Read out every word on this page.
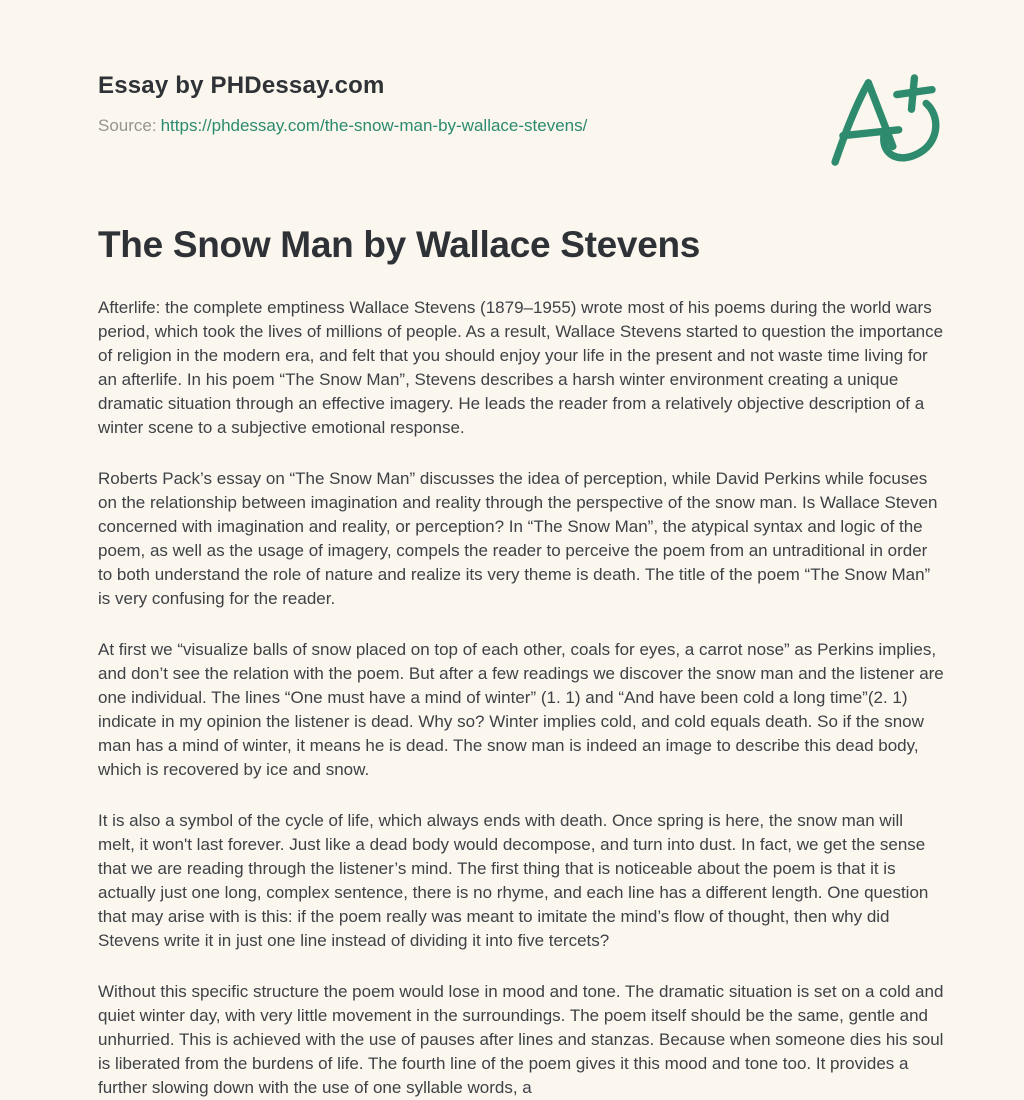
Essay by PHDessay.com

Source: https://phdessay.com/the-snow-man-by-wallace-stevens/

The Snow Man by Wallace Stevens

Afterlife: the complete emptiness Wallace Stevens (1879–1955) wrote most of his poems during the world wars period, which took the lives of millions of people. As a result, Wallace Stevens started to question the importance of religion in the modern era, and felt that you should enjoy your life in the present and not waste time living for an afterlife. In his poem “The Snow Man”, Stevens describes a harsh winter environment creating a unique dramatic situation through an effective imagery. He leads the reader from a relatively objective description of a winter scene to a subjective emotional response.

Roberts Pack’s essay on “The Snow Man” discusses the idea of perception, while David Perkins while focuses on the relationship between imagination and reality through the perspective of the snow man. Is Wallace Steven concerned with imagination and reality, or perception? In “The Snow Man”, the atypical syntax and logic of the poem, as well as the usage of imagery, compels the reader to perceive the poem from an untraditional in order to both understand the role of nature and realize its very theme is death. The title of the poem “The Snow Man” is very confusing for the reader.

At first we “visualize balls of snow placed on top of each other, coals for eyes, a carrot nose” as Perkins implies, and don’t see the relation with the poem. But after a few readings we discover the snow man and the listener are one individual. The lines “One must have a mind of winter” (1. 1) and “And have been cold a long time”(2. 1) indicate in my opinion the listener is dead. Why so? Winter implies cold, and cold equals death. So if the snow man has a mind of winter, it means he is dead. The snow man is indeed an image to describe this dead body, which is recovered by ice and snow.

It is also a symbol of the cycle of life, which always ends with death. Once spring is here, the snow man will melt, it won't last forever. Just like a dead body would decompose, and turn into dust. In fact, we get the sense that we are reading through the listener’s mind. The first thing that is noticeable about the poem is that it is actually just one long, complex sentence, there is no rhyme, and each line has a different length. One question that may arise with is this: if the poem really was meant to imitate the mind’s flow of thought, then why did Stevens write it in just one line instead of dividing it into five tercets?

Without this specific structure the poem would lose in mood and tone. The dramatic situation is set on a cold and quiet winter day, with very little movement in the surroundings. The poem itself should be the same, gentle and unhurried. This is achieved with the use of pauses after lines and stanzas. Because when someone dies his soul is liberated from the burdens of life. The fourth line of the poem gives it this mood and tone too. It provides a further slowing down with the use of one syllable words, a
